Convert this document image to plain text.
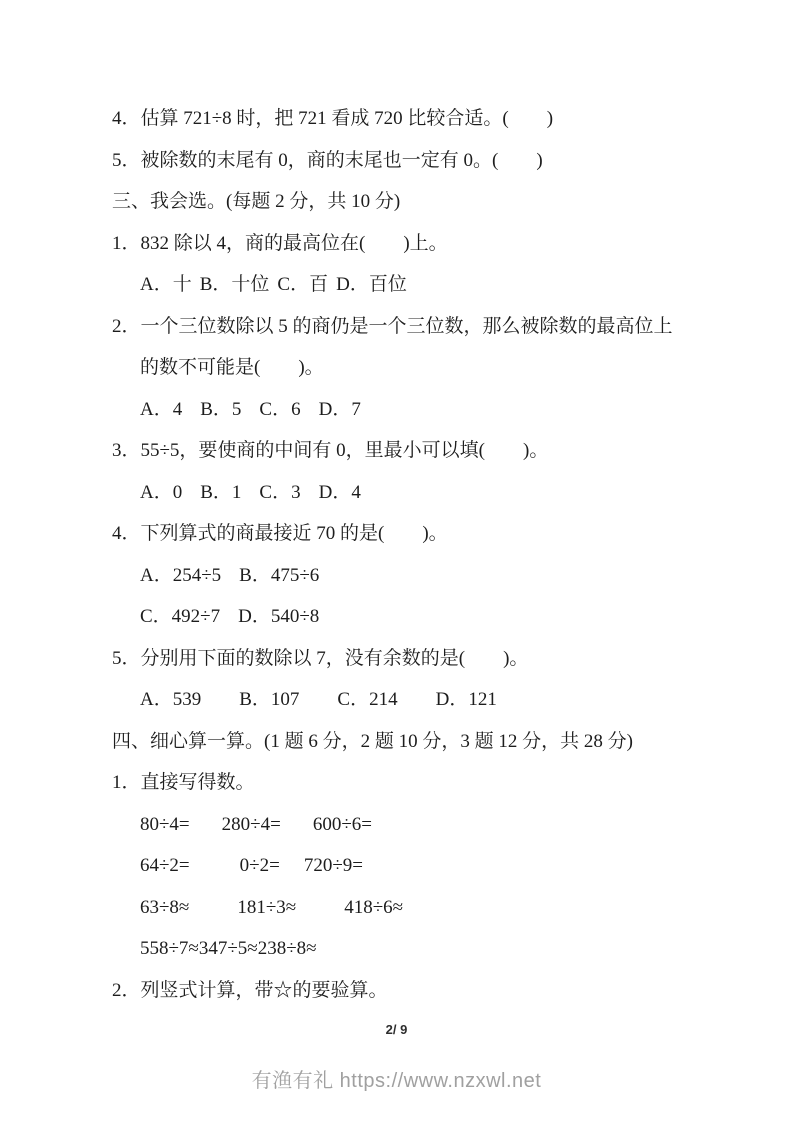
4．估算 721÷8 时，把 721 看成 720 比较合适。(　　)
5．被除数的末尾有 0，商的末尾也一定有 0。(　　)
三、我会选。(每题 2 分，共 10 分)
1．832 除以 4，商的最高位在(　　)上。
A．十 B．十位 C．百 D．百位
2．一个三位数除以 5 的商仍是一个三位数，那么被除数的最高位上
的数不可能是(　　)。
A．4 B．5 C．6 D．7
3．55÷5，要使商的中间有 0，里最小可以填(　　)。
A．0 B．1 C．3 D．4
4．下列算式的商最接近 70 的是(　　)。
A．254÷5 B．475÷6
C．492÷7 D．540÷8
5．分别用下面的数除以 7，没有余数的是(　　)。
A．539 B．107 C．214 D．121
四、细心算一算。(1 题 6 分，2 题 10 分，3 题 12 分，共 28 分)
1．直接写得数。
80÷4= 280÷4= 600÷6=
64÷2=	0÷2= 720÷9=
63÷8≈	181÷3≈	418÷6≈
558÷7≈347÷5≈238÷8≈
2．列竖式计算，带☆的要验算。
2/ 9
有渔有礼 https://www.nzxwl.net
